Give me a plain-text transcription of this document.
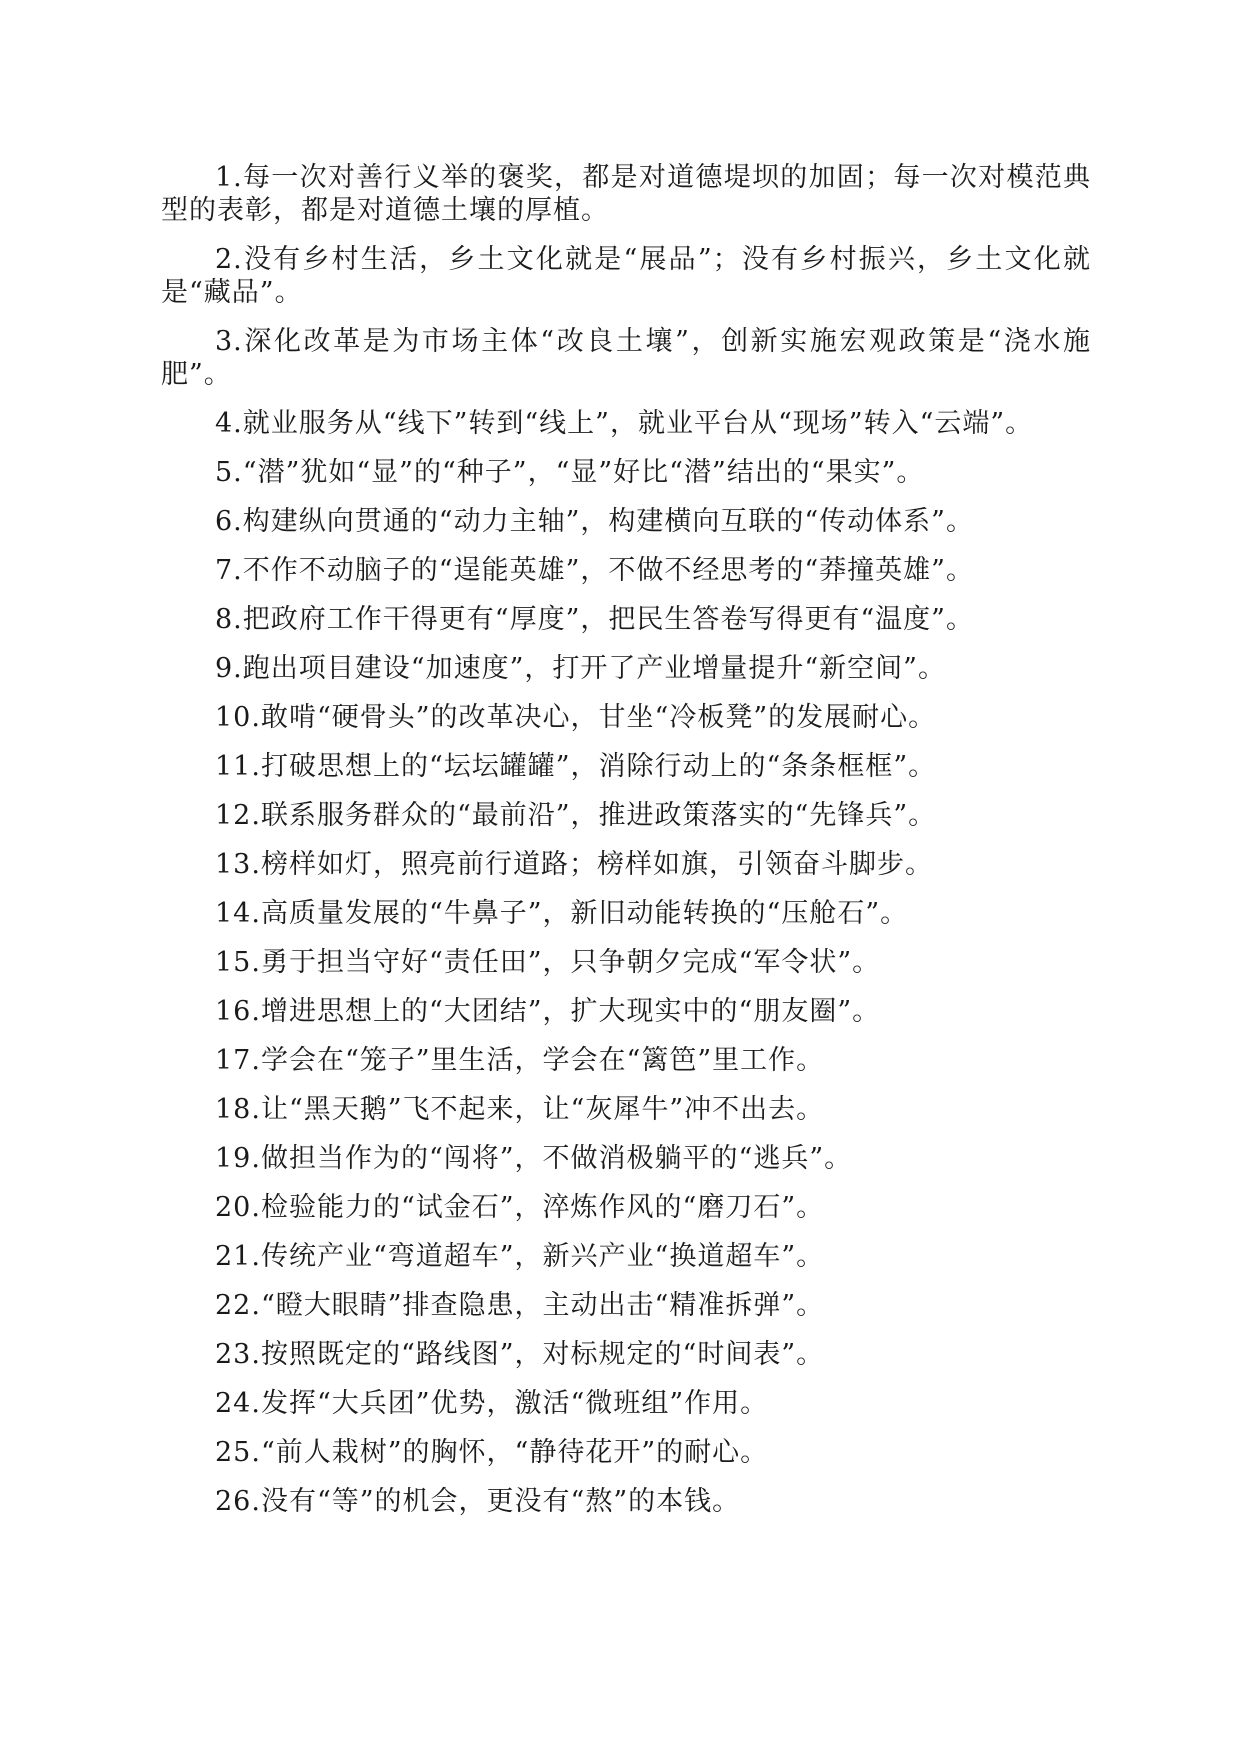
1.每一次对善行义举的褒奖，都是对道德堤坝的加固；每一次对模范典型的表彰，都是对道德土壤的厚植。

2.没有乡村生活，乡土文化就是“展品”；没有乡村振兴，乡土文化就是“藏品”。

3.深化改革是为市场主体“改良土壤”，创新实施宏观政策是“浇水施肥”。

4.就业服务从“线下”转到“线上”，就业平台从“现场”转入“云端”。

5.“潜”犹如“显”的“种子”，“显”好比“潜”结出的“果实”。

6.构建纵向贯通的“动力主轴”，构建横向互联的“传动体系”。

7.不作不动脑子的“逞能英雄”，不做不经思考的“莽撞英雄”。

8.把政府工作干得更有“厚度”，把民生答卷写得更有“温度”。

9.跑出项目建设“加速度”，打开了产业增量提升“新空间”。

10.敢啃“硬骨头”的改革决心，甘坐“冷板凳”的发展耐心。

11.打破思想上的“坛坛罐罐”，消除行动上的“条条框框”。

12.联系服务群众的“最前沿”，推进政策落实的“先锋兵”。

13.榜样如灯，照亮前行道路；榜样如旗，引领奋斗脚步。

14.高质量发展的“牛鼻子”，新旧动能转换的“压舱石”。

15.勇于担当守好“责任田”，只争朝夕完成“军令状”。

16.增进思想上的“大团结”，扩大现实中的“朋友圈”。

17.学会在“笼子”里生活，学会在“篱笆”里工作。

18.让“黑天鹅”飞不起来，让“灰犀牛”冲不出去。

19.做担当作为的“闯将”，不做消极躺平的“逃兵”。

20.检验能力的“试金石”，淬炼作风的“磨刀石”。

21.传统产业“弯道超车”，新兴产业“换道超车”。

22.“瞪大眼睛”排查隐患，主动出击“精准拆弹”。

23.按照既定的“路线图”，对标规定的“时间表”。

24.发挥“大兵团”优势，激活“微班组”作用。

25.“前人栽树”的胸怀，“静待花开”的耐心。

26.没有“等”的机会，更没有“熬”的本钱。
